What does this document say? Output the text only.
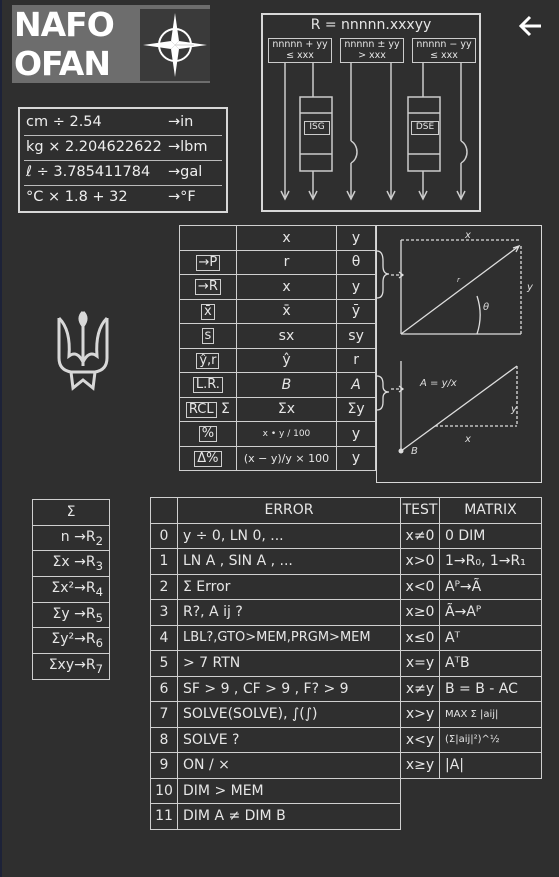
NAFO
OFAN
cm ÷ 2.54	→in
kg × 2.204622622 →lbm
ℓ ÷ 3.785411784 →gal
°C × 1.8 + 32	→°F
R = nnnnn.xxxyy
nnnnn + yy
≤ xxx
nnnnn ± yy
> xxx
nnnnn − yy
≤ xxx
ISG	DSE
	x	y
→P	r	θ
→R	x	y
x̄	x̄	ȳ
s	sx	sy
ŷ,r	ŷ	r
L.R.	B	A
RCL Σ	Σx	Σy
%	x • y / 100	y
Δ%	(x − y)/y × 100	y
x
y
r
θ
A = y/x
x
y
B
Σ
$n \to R_2$
$\Sigma x \to R_3$
$\Sigma x^2\to R_4$
$\Sigma y \to R_5$
$\Sigma y^2\to R_6$
$\Sigma xy\to R_7$
	ERROR	TEST	MATRIX
0	y ÷ 0, LN 0, ...	x≠0	0 DIM
1	LN A , SIN A , ...	x>0	1→R₀, 1→R₁
2	Σ Error	x<0	Aᴾ→Ã
3	R?, A ij ?	x≥0	Ã→Aᴾ
4	LBL?,GTO>MEM,PRGM>MEM	x≤0	Aᵀ
5	> 7 RTN	x=y	AᵀB
6	SF > 9 , CF > 9 , F? > 9	x≠y	B = B - AC
7	SOLVE(SOLVE), ∫(∫)	x>y	MAX Σ |aij|
8	SOLVE ?	x<y	(Σ|aij|²)^½
9	ON / ×	x≥y	|A|
10	DIM > MEM		
11	DIM A ≠ DIM B		
